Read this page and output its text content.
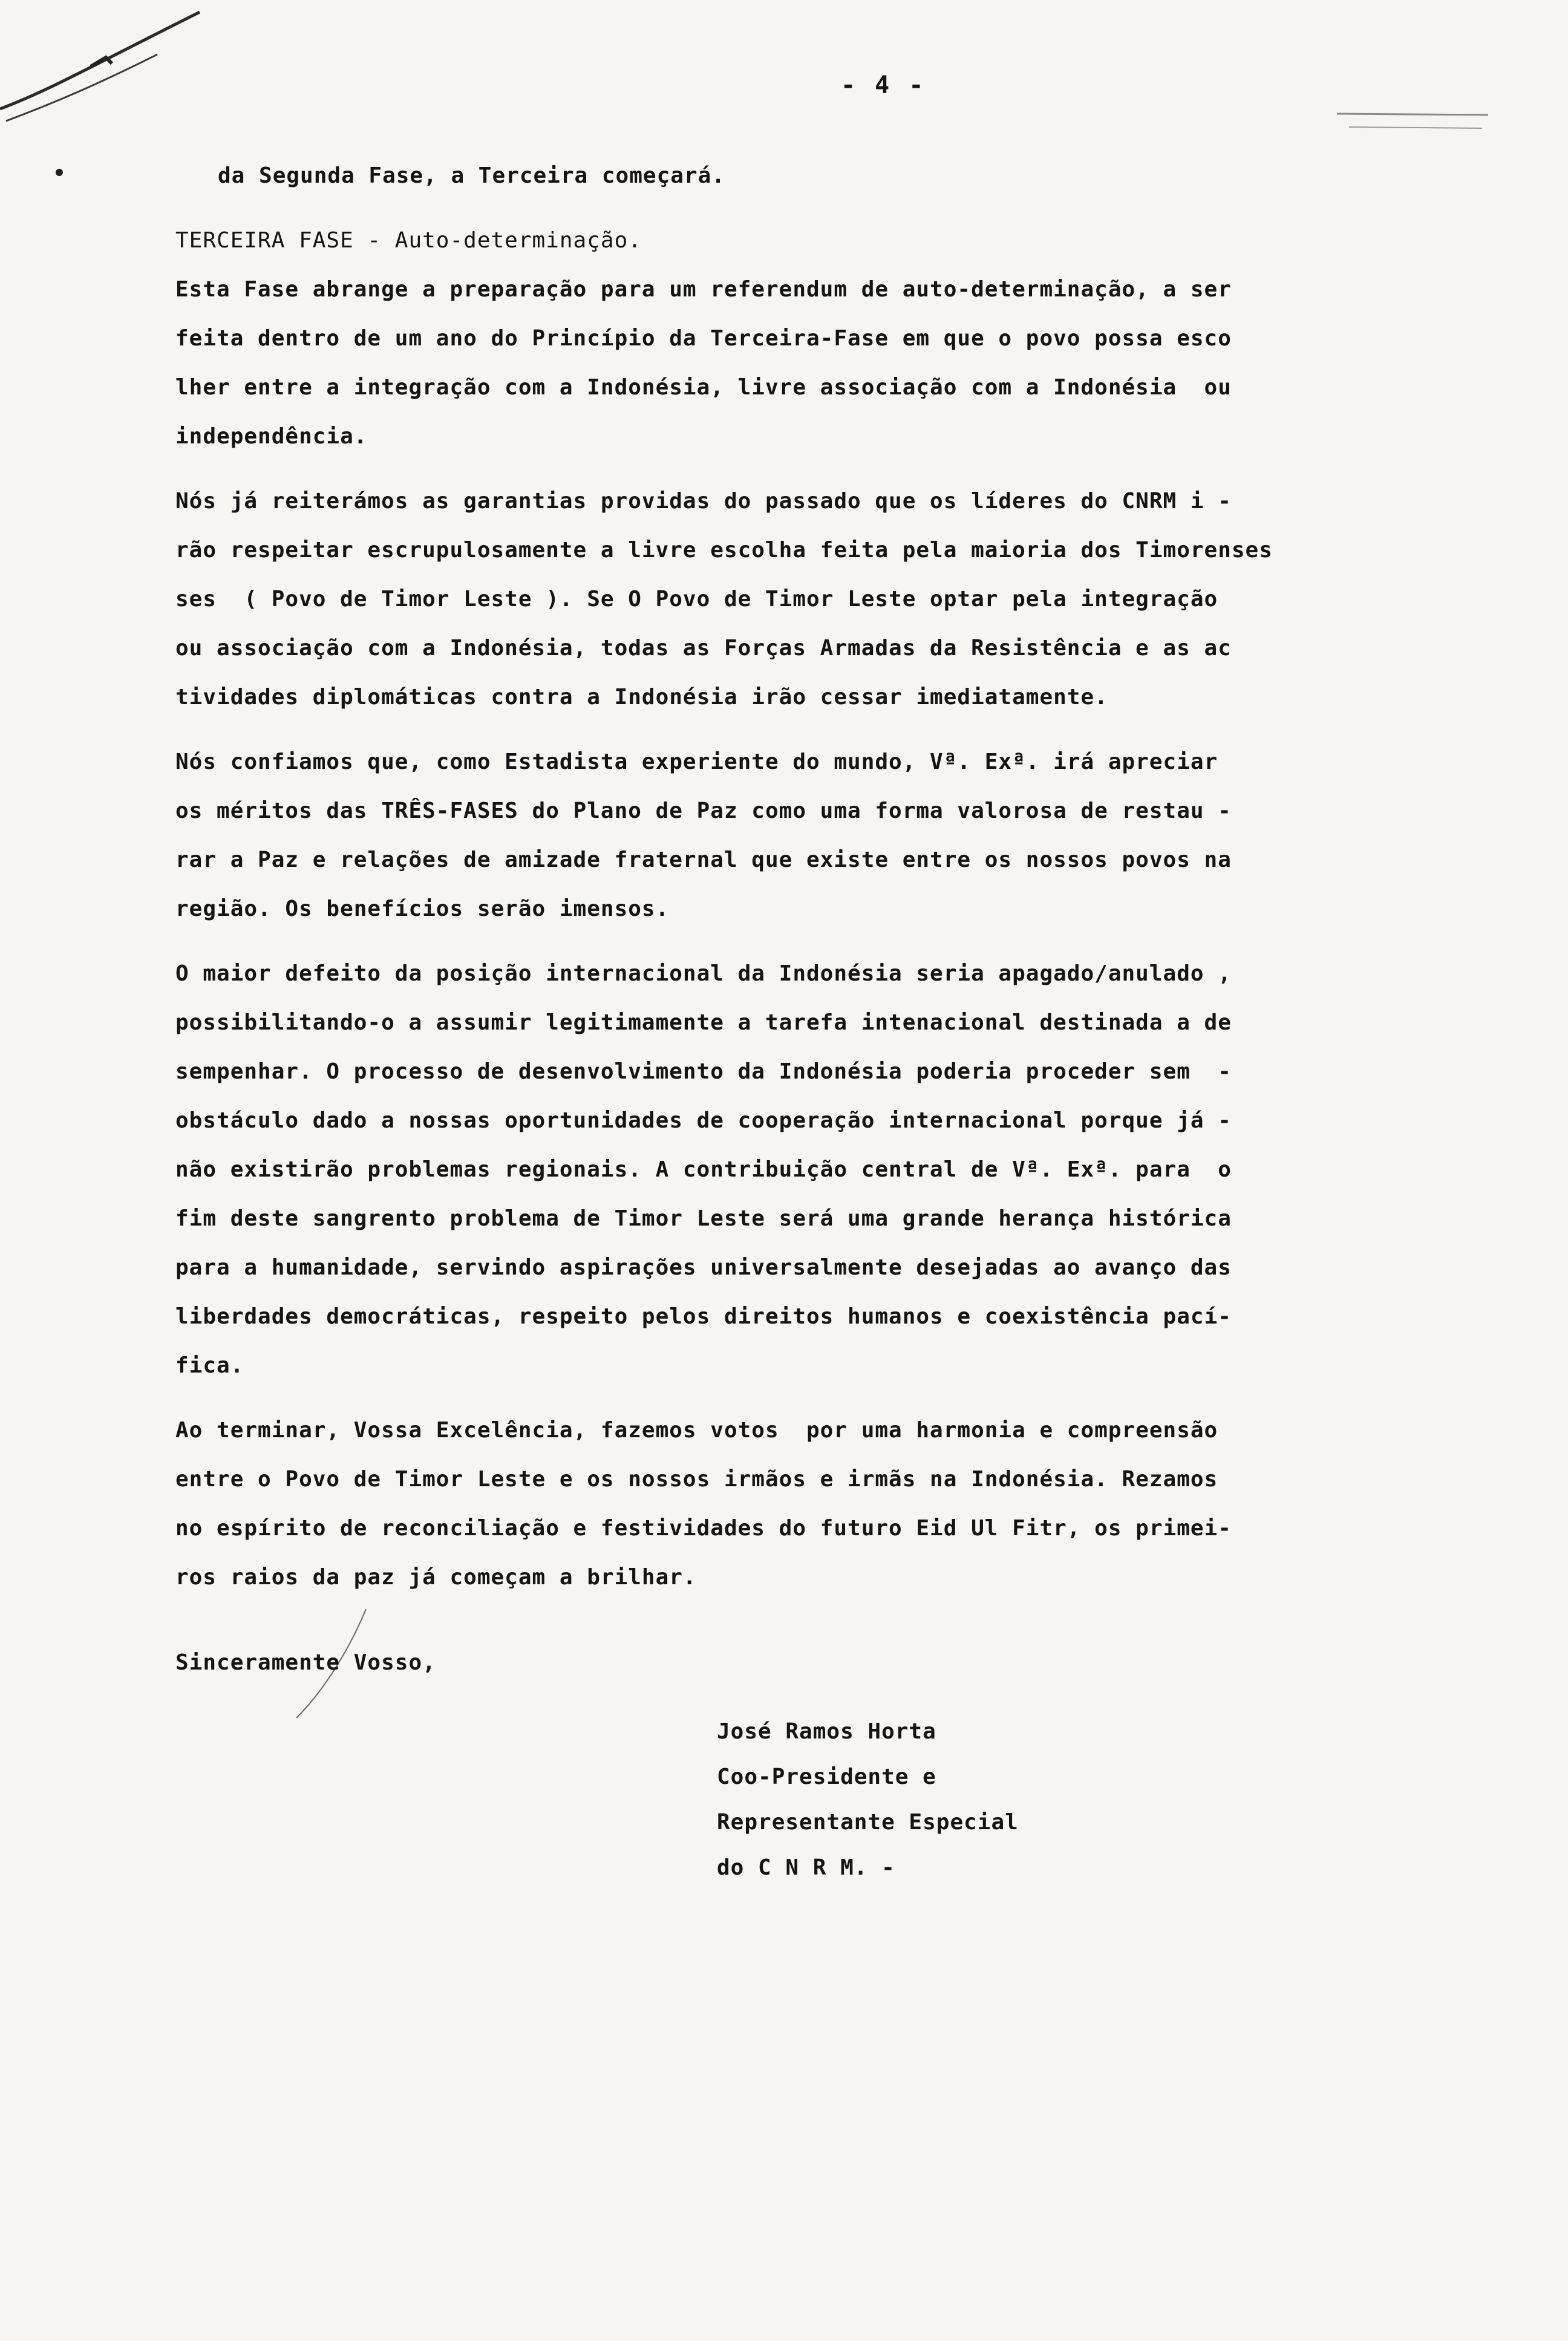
- 4 -
da Segunda Fase, a Terceira começará.
TERCEIRA FASE - Auto-determinação.
Esta Fase abrange a preparação para um referendum de auto-determinação, a ser
feita dentro de um ano do Princípio da Terceira-Fase em que o povo possa esco
lher entre a integração com a Indonésia, livre associação com a Indonésia  ou
independência.
Nós já reiterámos as garantias providas do passado que os líderes do CNRM i -
rão respeitar escrupulosamente a livre escolha feita pela maioria dos Timorenses
ses  ( Povo de Timor Leste ). Se O Povo de Timor Leste optar pela integração
ou associação com a Indonésia, todas as Forças Armadas da Resistência e as ac
tividades diplomáticas contra a Indonésia irão cessar imediatamente.
Nós confiamos que, como Estadista experiente do mundo, Vª. Exª. irá apreciar
os méritos das TRÊS-FASES do Plano de Paz como uma forma valorosa de restau -
rar a Paz e relações de amizade fraternal que existe entre os nossos povos na
região. Os benefícios serão imensos.
O maior defeito da posição internacional da Indonésia seria apagado/anulado ,
possibilitando-o a assumir legitimamente a tarefa intenacional destinada a de
sempenhar. O processo de desenvolvimento da Indonésia poderia proceder sem  -
obstáculo dado a nossas oportunidades de cooperação internacional porque já -
não existirão problemas regionais. A contribuição central de Vª. Exª. para  o
fim deste sangrento problema de Timor Leste será uma grande herança histórica
para a humanidade, servindo aspirações universalmente desejadas ao avanço das
liberdades democráticas, respeito pelos direitos humanos e coexistência pací-
fica.
Ao terminar, Vossa Excelência, fazemos votos  por uma harmonia e compreensão
entre o Povo de Timor Leste e os nossos irmãos e irmãs na Indonésia. Rezamos
no espírito de reconciliação e festividades do futuro Eid Ul Fitr, os primei-
ros raios da paz já começam a brilhar.
Sinceramente Vosso,
José Ramos Horta
Coo-Presidente e
Representante Especial
do C N R M. -
